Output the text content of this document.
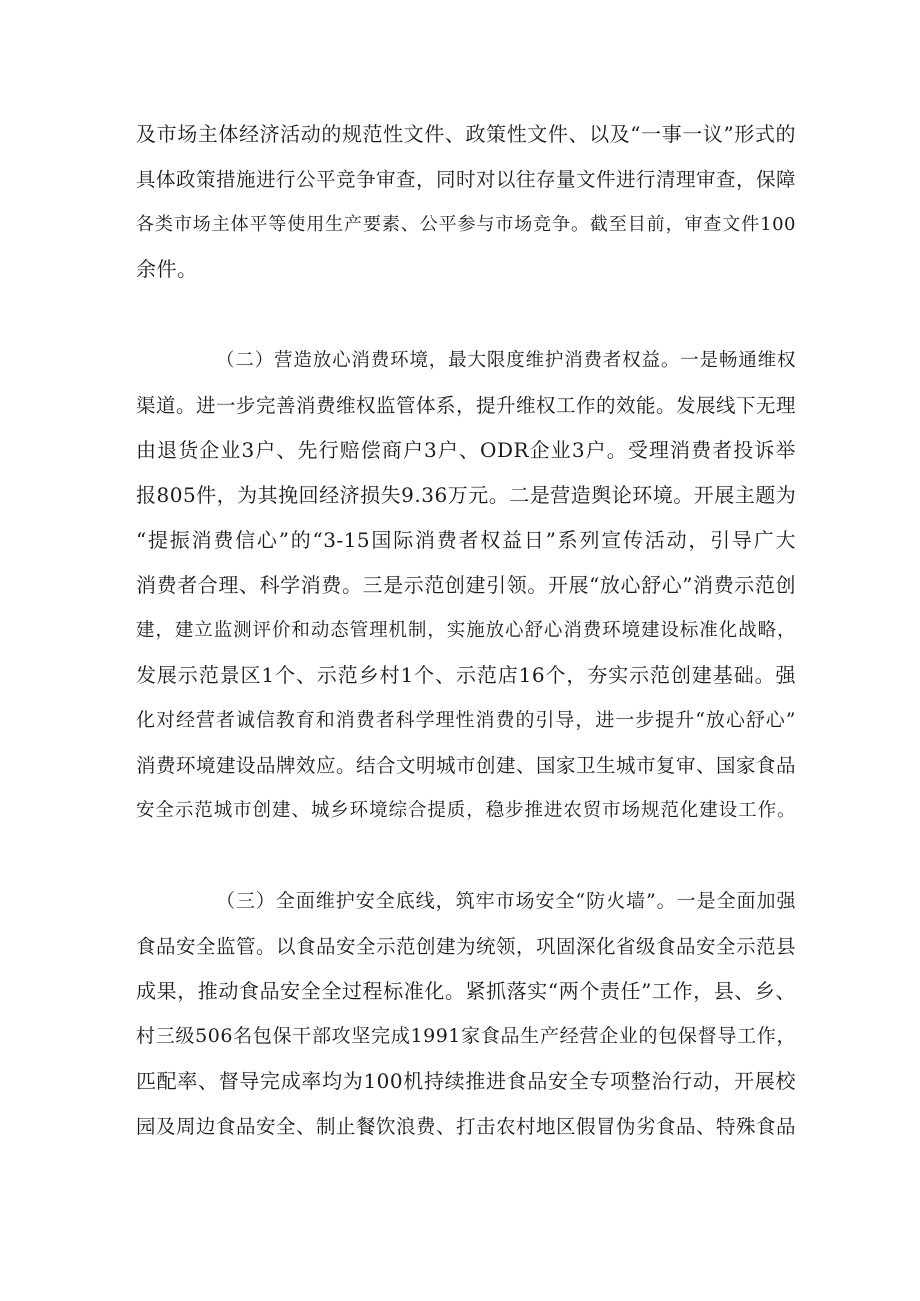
及市场主体经济活动的规范性文件、政策性文件、以及“一事一议”形式的
具体政策措施进行公平竞争审查，同时对以往存量文件进行清理审查，保障
各类市场主体平等使用生产要素、公平参与市场竞争。截至目前，审查文件100
余件。
（二）营造放心消费环境，最大限度维护消费者权益。一是畅通维权
渠道。进一步完善消费维权监管体系，提升维权工作的效能。发展线下无理
由退货企业3户、先行赔偿商户3户、ODR企业3户。受理消费者投诉举
报805件，为其挽回经济损失9.36万元。二是营造舆论环境。开展主题为
“提振消费信心”的“3-15国际消费者权益日”系列宣传活动，引导广大
消费者合理、科学消费。三是示范创建引领。开展“放心舒心”消费示范创
建，建立监测评价和动态管理机制，实施放心舒心消费环境建设标准化战略，
发展示范景区1个、示范乡村1个、示范店16个，夯实示范创建基础。强
化对经营者诚信教育和消费者科学理性消费的引导，进一步提升“放心舒心”
消费环境建设品牌效应。结合文明城市创建、国家卫生城市复审、国家食品
安全示范城市创建、城乡环境综合提质，稳步推进农贸市场规范化建设工作。
（三）全面维护安全底线，筑牢市场安全“防火墙”。一是全面加强
食品安全监管。以食品安全示范创建为统领，巩固深化省级食品安全示范县
成果，推动食品安全全过程标准化。紧抓落实“两个责任”工作，县、乡、
村三级506名包保干部攻坚完成1991家食品生产经营企业的包保督导工作，
匹配率、督导完成率均为100机持续推进食品安全专项整治行动，开展校
园及周边食品安全、制止餐饮浪费、打击农村地区假冒伪劣食品、特殊食品
